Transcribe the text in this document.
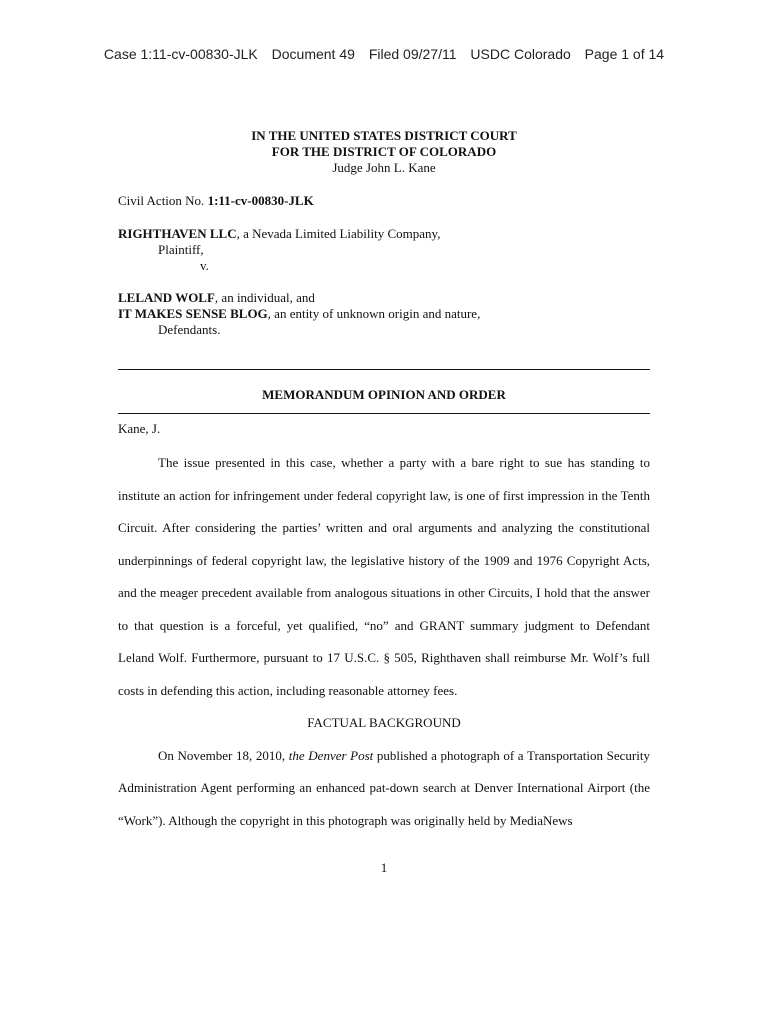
Case 1:11-cv-00830-JLK Document 49 Filed 09/27/11 USDC Colorado Page 1 of 14
IN THE UNITED STATES DISTRICT COURT
FOR THE DISTRICT OF COLORADO
Judge John L. Kane
Civil Action No. 1:11-cv-00830-JLK
RIGHTHAVEN LLC, a Nevada Limited Liability Company,
Plaintiff,
v.
LELAND WOLF, an individual, and
IT MAKES SENSE BLOG, an entity of unknown origin and nature,
Defendants.
MEMORANDUM OPINION AND ORDER
Kane, J.

The issue presented in this case, whether a party with a bare right to sue has standing to institute an action for infringement under federal copyright law, is one of first impression in the Tenth Circuit. After considering the parties’ written and oral arguments and analyzing the constitutional underpinnings of federal copyright law, the legislative history of the 1909 and 1976 Copyright Acts, and the meager precedent available from analogous situations in other Circuits, I hold that the answer to that question is a forceful, yet qualified, “no” and GRANT summary judgment to Defendant Leland Wolf. Furthermore, pursuant to 17 U.S.C. § 505, Righthaven shall reimburse Mr. Wolf’s full costs in defending this action, including reasonable attorney fees.

FACTUAL BACKGROUND

On November 18, 2010, the Denver Post published a photograph of a Transportation Security Administration Agent performing an enhanced pat-down search at Denver International Airport (the “Work”). Although the copyright in this photograph was originally held by MediaNews

1
